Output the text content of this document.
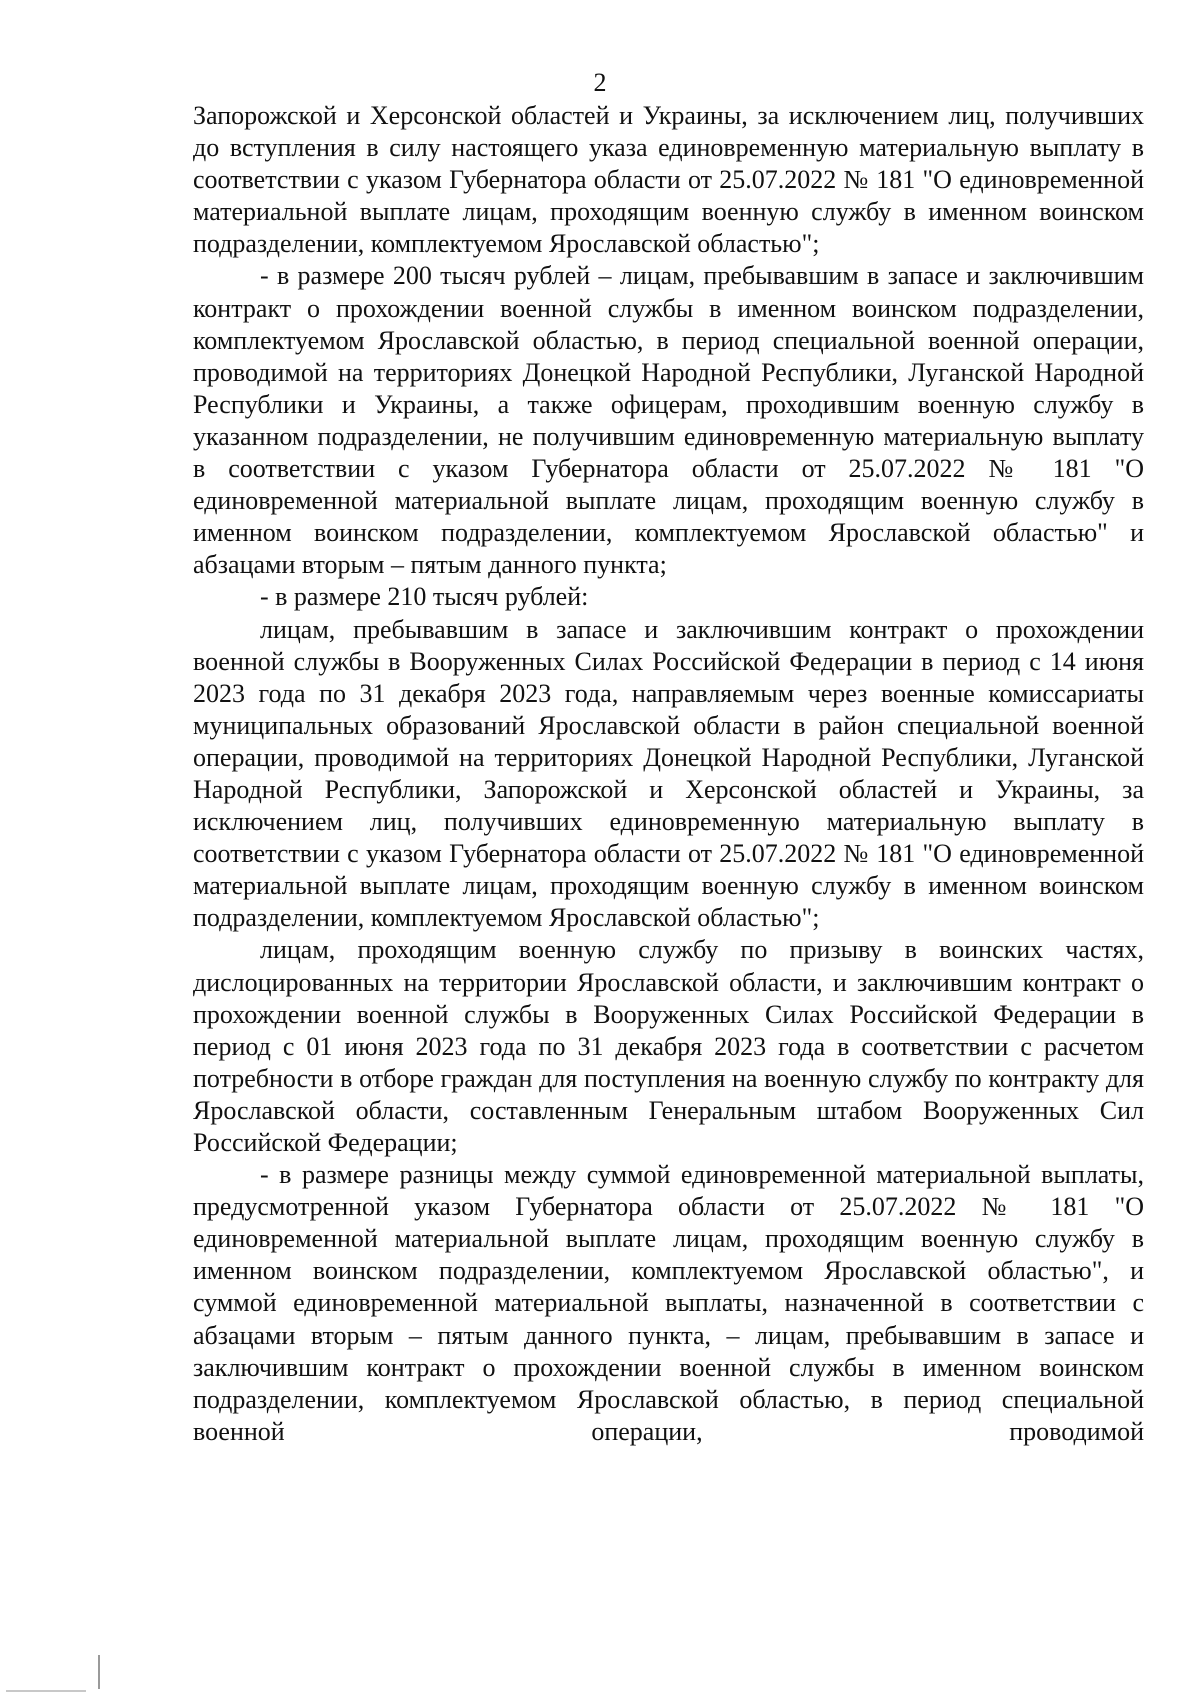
2

Запорожской и Херсонской областей и Украины, за исключением лиц, получивших до вступления в силу настоящего указа единовременную материальную выплату в соответствии с указом Губернатора области от 25.07.2022 № 181 "О единовременной материальной выплате лицам, проходящим военную службу в именном воинском подразделении, комплектуемом Ярославской областью";

- в размере 200 тысяч рублей – лицам, пребывавшим в запасе и заключившим контракт о прохождении военной службы в именном воинском подразделении, комплектуемом Ярославской областью, в период специальной военной операции, проводимой на территориях Донецкой Народной Республики, Луганской Народной Республики и Украины, а также офицерам, проходившим военную службу в указанном подразделении, не получившим единовременную материальную выплату в соответствии с указом Губернатора области от 25.07.2022 № 181 "О единовременной материальной выплате лицам, проходящим военную службу в именном воинском подразделении, комплектуемом Ярославской областью" и абзацами вторым – пятым данного пункта;

- в размере 210 тысяч рублей:

лицам, пребывавшим в запасе и заключившим контракт о прохождении военной службы в Вооруженных Силах Российской Федерации в период с 14 июня 2023 года по 31 декабря 2023 года, направляемым через военные комиссариаты муниципальных образований Ярославской области в район специальной военной операции, проводимой на территориях Донецкой Народной Республики, Луганской Народной Республики, Запорожской и Херсонской областей и Украины, за исключением лиц, получивших единовременную материальную выплату в соответствии с указом Губернатора области от 25.07.2022 № 181 "О единовременной материальной выплате лицам, проходящим военную службу в именном воинском подразделении, комплектуемом Ярославской областью";

лицам, проходящим военную службу по призыву в воинских частях, дислоцированных на территории Ярославской области, и заключившим контракт о прохождении военной службы в Вооруженных Силах Российской Федерации в период с 01 июня 2023 года по 31 декабря 2023 года в соответствии с расчетом потребности в отборе граждан для поступления на военную службу по контракту для Ярославской области, составленным Генеральным штабом Вооруженных Сил Российской Федерации;

- в размере разницы между суммой единовременной материальной выплаты, предусмотренной указом Губернатора области от 25.07.2022 № 181 "О единовременной материальной выплате лицам, проходящим военную службу в именном воинском подразделении, комплектуемом Ярославской областью", и суммой единовременной материальной выплаты, назначенной в соответствии с абзацами вторым – пятым данного пункта, – лицам, пребывавшим в запасе и заключившим контракт о прохождении военной службы в именном воинском подразделении, комплектуемом Ярославской областью, в период специальной военной операции, проводимой
